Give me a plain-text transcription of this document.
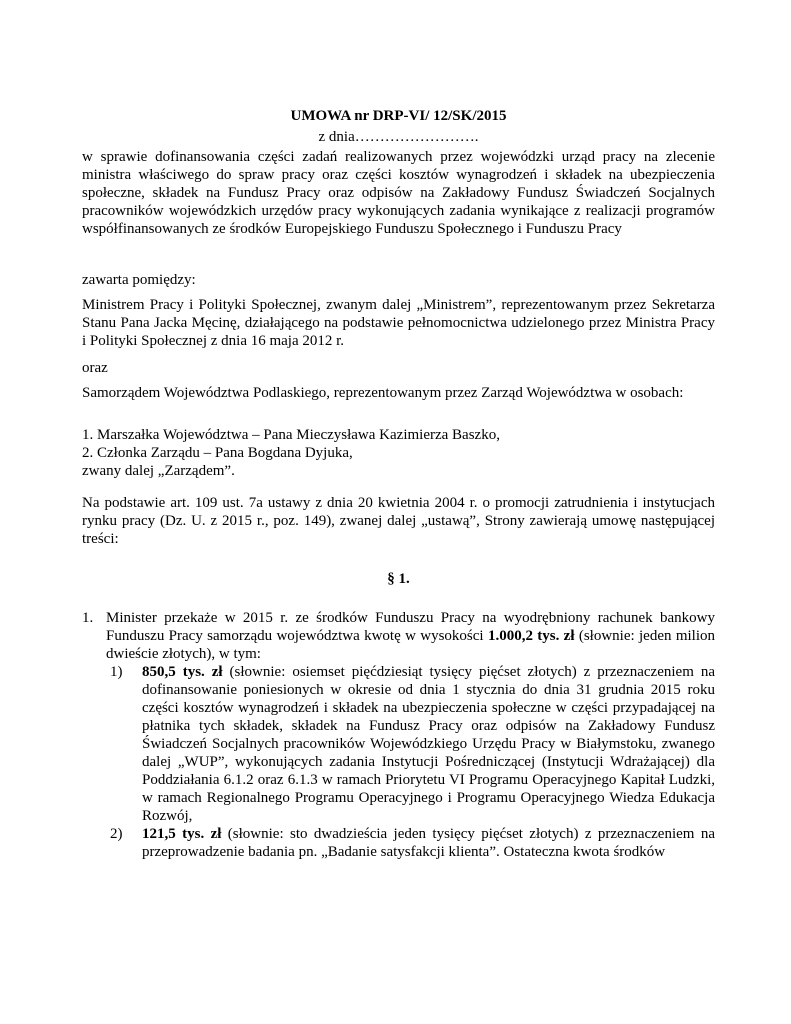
UMOWA nr DRP-VI/ 12/SK/2015
z dnia…………………….

w sprawie dofinansowania części zadań realizowanych przez wojewódzki urząd pracy na zlecenie ministra właściwego do spraw pracy oraz części kosztów wynagrodzeń i składek na ubezpieczenia społeczne, składek na Fundusz Pracy oraz odpisów na Zakładowy Fundusz Świadczeń Socjalnych pracowników wojewódzkich urzędów pracy wykonujących zadania wynikające z realizacji programów współfinansowanych ze środków Europejskiego Funduszu Społecznego i Funduszu Pracy

zawarta pomiędzy:

Ministrem Pracy i Polityki Społecznej, zwanym dalej „Ministrem”, reprezentowanym przez Sekretarza Stanu Pana Jacka Męcinę, działającego na podstawie pełnomocnictwa udzielonego przez Ministra Pracy i Polityki Społecznej z dnia 16 maja 2012 r.

oraz

Samorządem Województwa Podlaskiego, reprezentowanym przez Zarząd Województwa w osobach:

1. Marszałka Województwa – Pana Mieczysława Kazimierza Baszko,
2. Członka Zarządu – Pana Bogdana Dyjuka,
zwany dalej „Zarządem”.

Na podstawie art. 109 ust. 7a ustawy z dnia 20 kwietnia 2004 r. o promocji zatrudnienia i instytucjach rynku pracy (Dz. U. z 2015 r., poz. 149), zwanej dalej „ustawą”, Strony zawierają umowę następującej treści:

§ 1.
1. Minister przekaże w 2015 r. ze środków Funduszu Pracy na wyodrębniony rachunek bankowy Funduszu Pracy samorządu województwa kwotę w wysokości 1.000,2 tys. zł (słownie: jeden milion dwieście złotych), w tym:
1) 850,5 tys. zł (słownie: osiemset pięćdziesiąt tysięcy pięćset złotych) z przeznaczeniem na dofinansowanie poniesionych w okresie od dnia 1 stycznia do dnia 31 grudnia 2015 roku części kosztów wynagrodzeń i składek na ubezpieczenia społeczne w części przypadającej na płatnika tych składek, składek na Fundusz Pracy oraz odpisów na Zakładowy Fundusz Świadczeń Socjalnych pracowników Wojewódzkiego Urzędu Pracy w Białymstoku, zwanego dalej „WUP”, wykonujących zadania Instytucji Pośredniczącej (Instytucji Wdrażającej) dla Poddziałania 6.1.2 oraz 6.1.3 w ramach Priorytetu VI Programu Operacyjnego Kapitał Ludzki, w ramach Regionalnego Programu Operacyjnego i Programu Operacyjnego Wiedza Edukacja Rozwój,
2) 121,5 tys. zł (słownie: sto dwadzieścia jeden tysięcy pięćset złotych) z przeznaczeniem na przeprowadzenie badania pn. „Badanie satysfakcji klienta”. Ostateczna kwota środków
